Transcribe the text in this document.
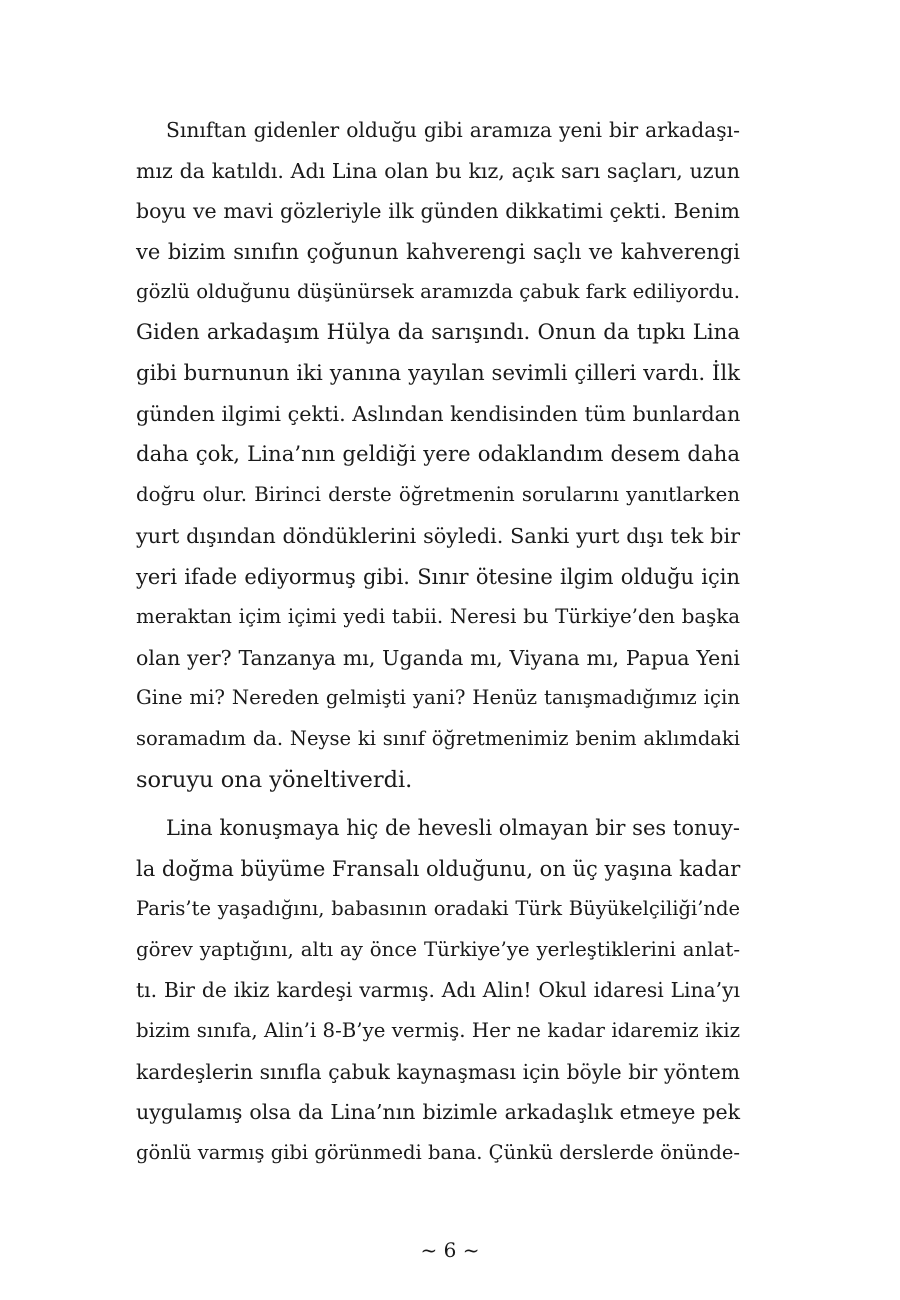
Sınıftan gidenler olduğu gibi aramıza yeni bir arkadaşı-
mız da katıldı. Adı Lina olan bu kız, açık sarı saçları, uzun
boyu ve mavi gözleriyle ilk günden dikkatimi çekti. Benim
ve bizim sınıfın çoğunun kahverengi saçlı ve kahverengi
gözlü olduğunu düşünürsek aramızda çabuk fark ediliyordu.
Giden arkadaşım Hülya da sarışındı. Onun da tıpkı Lina
gibi burnunun iki yanına yayılan sevimli çilleri vardı. İlk
günden ilgimi çekti. Aslından kendisinden tüm bunlardan
daha çok, Lina’nın geldiği yere odaklandım desem daha
doğru olur. Birinci derste öğretmenin sorularını yanıtlarken
yurt dışından döndüklerini söyledi. Sanki yurt dışı tek bir
yeri ifade ediyormuş gibi. Sınır ötesine ilgim olduğu için
meraktan içim içimi yedi tabii. Neresi bu Türkiye’den başka
olan yer? Tanzanya mı, Uganda mı, Viyana mı, Papua Yeni
Gine mi? Nereden gelmişti yani? Henüz tanışmadığımız için
soramadım da. Neyse ki sınıf öğretmenimiz benim aklımdaki
soruyu ona yöneltiverdi.
Lina konuşmaya hiç de hevesli olmayan bir ses tonuy-
la doğma büyüme Fransalı olduğunu, on üç yaşına kadar
Paris’te yaşadığını, babasının oradaki Türk Büyükelçiliği’nde
görev yaptığını, altı ay önce Türkiye’ye yerleştiklerini anlat-
tı. Bir de ikiz kardeşi varmış. Adı Alin! Okul idaresi Lina’yı
bizim sınıfa, Alin’i 8-B’ye vermiş. Her ne kadar idaremiz ikiz
kardeşlerin sınıfla çabuk kaynaşması için böyle bir yöntem
uygulamış olsa da Lina’nın bizimle arkadaşlık etmeye pek
gönlü varmış gibi görünmedi bana. Çünkü derslerde önünde-
~ 6 ~
